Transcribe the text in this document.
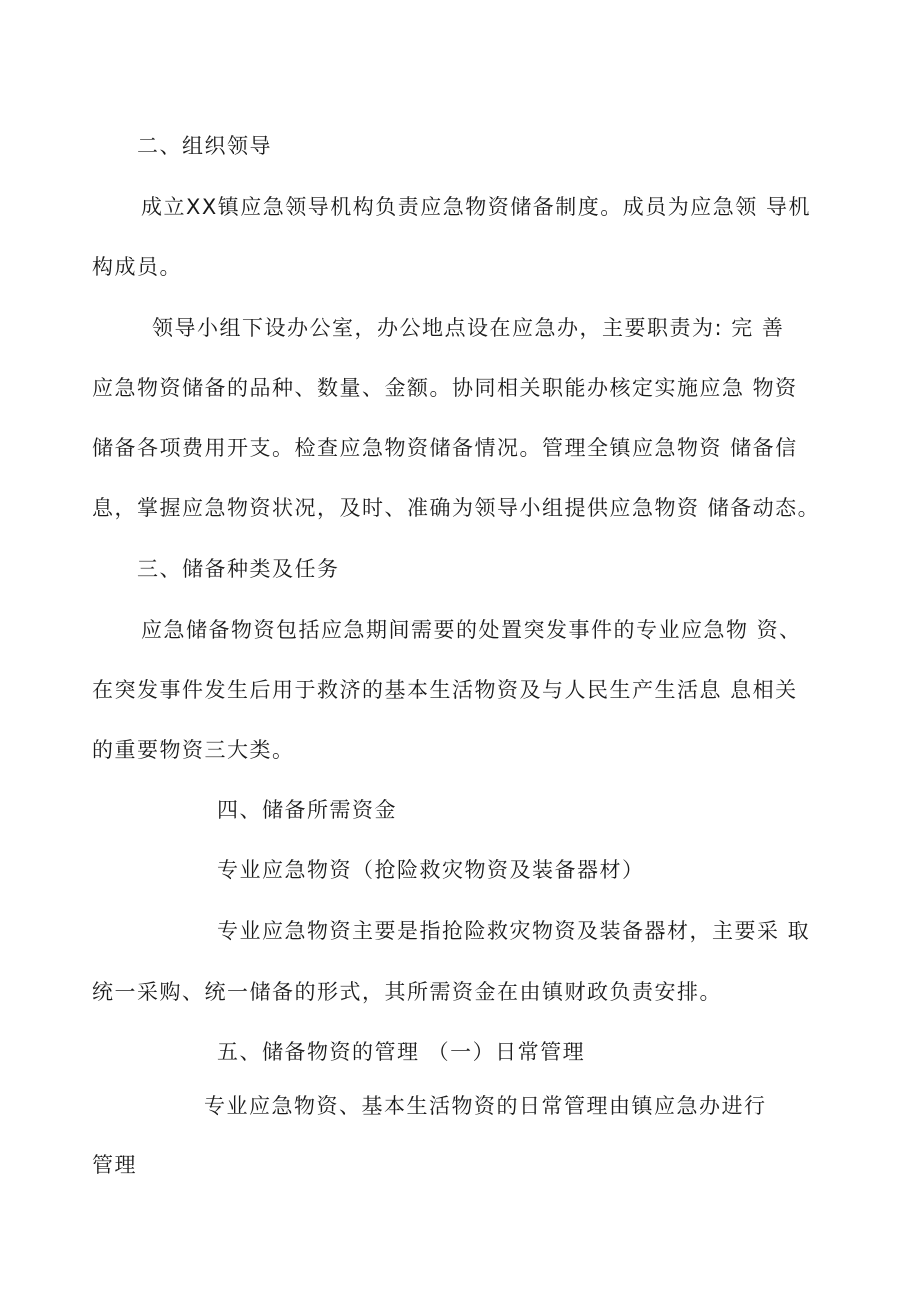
二、组织领导
成立XX镇应急领导机构负责应急物资储备制度。成员为应急领 导机
构成员。
领导小组下设办公室，办公地点设在应急办，主要职责为: 完 善
应急物资储备的品种、数量、金额。协同相关职能办核定实施应急 物资
储备各项费用开支。检查应急物资储备情况。管理全镇应急物资 储备信
息，掌握应急物资状况，及时、准确为领导小组提供应急物资 储备动态。
三、储备种类及任务
应急储备物资包括应急期间需要的处置突发事件的专业应急物 资、
在突发事件发生后用于救济的基本生活物资及与人民生产生活息 息相关
的重要物资三大类。
四、储备所需资金
专业应急物资（抢险救灾物资及装备器材）
专业应急物资主要是指抢险救灾物资及装备器材，主要采 取
统一采购、统一储备的形式，其所需资金在由镇财政负责安排。
五、储备物资的管理 （一）日常管理
专业应急物资、基本生活物资的日常管理由镇应急办进行
管理
